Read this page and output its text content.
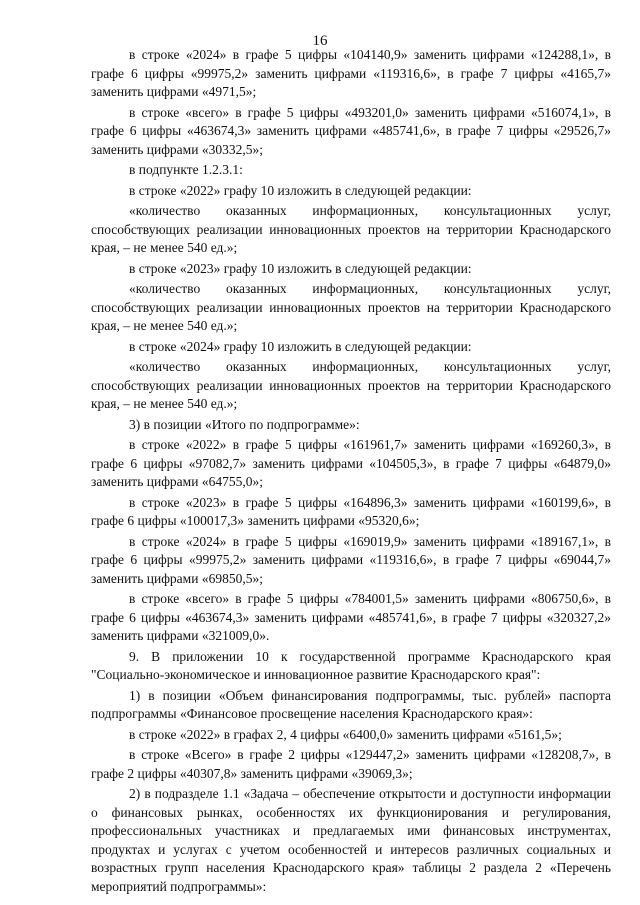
16

в строке «2024» в графе 5 цифры «104140,9» заменить цифрами «124288,1», в графе 6 цифры «99975,2» заменить цифрами «119316,6», в графе 7 цифры «4165,7» заменить цифрами «4971,5»;

в строке «всего» в графе 5 цифры «493201,0» заменить цифрами «516074,1», в графе 6 цифры «463674,3» заменить цифрами «485741,6», в графе 7 цифры «29526,7» заменить цифрами «30332,5»;

в подпункте 1.2.3.1:

в строке «2022» графу 10 изложить в следующей редакции:

«количество оказанных информационных, консультационных услуг, способствующих реализации инновационных проектов на территории Краснодарского края, – не менее 540 ед.»;

в строке «2023» графу 10 изложить в следующей редакции:

«количество оказанных информационных, консультационных услуг, способствующих реализации инновационных проектов на территории Краснодарского края, – не менее 540 ед.»;

в строке «2024» графу 10 изложить в следующей редакции:

«количество оказанных информационных, консультационных услуг, способствующих реализации инновационных проектов на территории Краснодарского края, – не менее 540 ед.»;

3) в позиции «Итого по подпрограмме»:

в строке «2022» в графе 5 цифры «161961,7» заменить цифрами «169260,3», в графе 6 цифры «97082,7» заменить цифрами «104505,3», в графе 7 цифры «64879,0» заменить цифрами «64755,0»;

в строке «2023» в графе 5 цифры «164896,3» заменить цифрами «160199,6», в графе 6 цифры «100017,3» заменить цифрами «95320,6»;

в строке «2024» в графе 5 цифры «169019,9» заменить цифрами «189167,1», в графе 6 цифры «99975,2» заменить цифрами «119316,6», в графе 7 цифры «69044,7» заменить цифрами «69850,5»;

в строке «всего» в графе 5 цифры «784001,5» заменить цифрами «806750,6», в графе 6 цифры «463674,3» заменить цифрами «485741,6», в графе 7 цифры «320327,2» заменить цифрами «321009,0».

9. В приложении 10 к государственной программе Краснодарского края "Социально-экономическое и инновационное развитие Краснодарского края":

1) в позиции «Объем финансирования подпрограммы, тыс. рублей» паспорта подпрограммы «Финансовое просвещение населения Краснодарского края»:

в строке «2022» в графах 2, 4 цифры «6400,0» заменить цифрами «5161,5»;

в строке «Всего» в графе 2 цифры «129447,2» заменить цифрами «128208,7», в графе 2 цифры «40307,8» заменить цифрами «39069,3»;

2) в подразделе 1.1 «Задача – обеспечение открытости и доступности информации о финансовых рынках, особенностях их функционирования и регулирования, профессиональных участниках и предлагаемых ими финансовых инструментах, продуктах и услугах с учетом особенностей и интересов различных социальных и возрастных групп населения Краснодарского края» таблицы 2 раздела 2 «Перечень мероприятий подпрограммы»:
